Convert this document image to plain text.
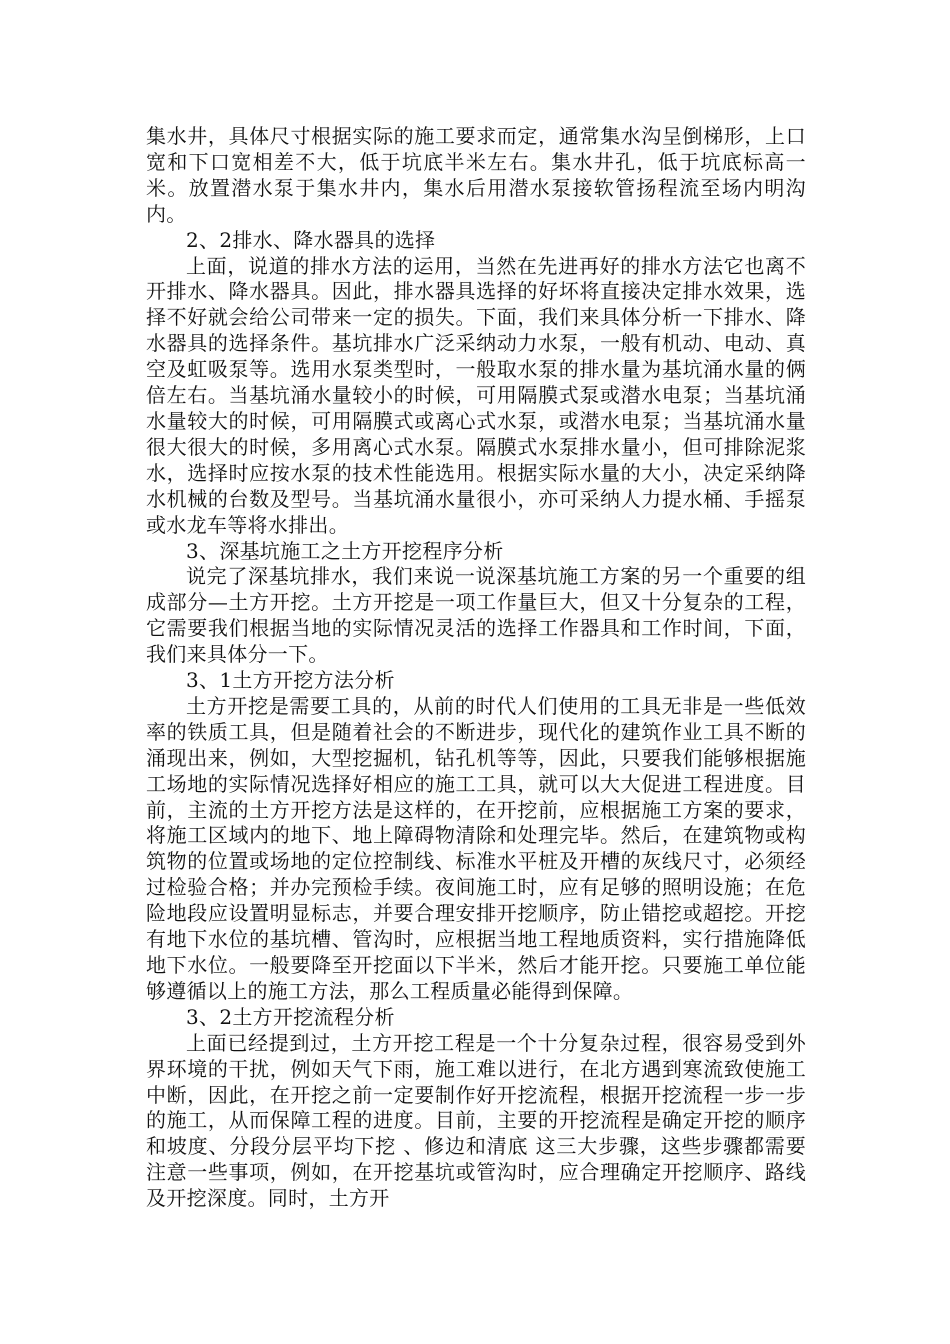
集水井，具体尺寸根据实际的施工要求而定，通常集水沟呈倒梯形，上口宽和下口宽相差不大，低于坑底半米左右。集水井孔，低于坑底标高一米。放置潜水泵于集水井内，集水后用潜水泵接软管扬程流至场内明沟内。

2、2排水、降水器具的选择

上面，说道的排水方法的运用，当然在先进再好的排水方法它也离不开排水、降水器具。因此，排水器具选择的好坏将直接决定排水效果，选择不好就会给公司带来一定的损失。下面，我们来具体分析一下排水、降水器具的选择条件。基坑排水广泛采纳动力水泵，一般有机动、电动、真空及虹吸泵等。选用水泵类型时，一般取水泵的排水量为基坑涌水量的俩倍左右。当基坑涌水量较小的时候，可用隔膜式泵或潜水电泵；当基坑涌水量较大的时候，可用隔膜式或离心式水泵，或潜水电泵；当基坑涌水量很大很大的时候，多用离心式水泵。隔膜式水泵排水量小，但可排除泥浆水，选择时应按水泵的技术性能选用。根据实际水量的大小，决定采纳降水机械的台数及型号。当基坑涌水量很小，亦可采纳人力提水桶、手摇泵或水龙车等将水排出。

3、深基坑施工之土方开挖程序分析

说完了深基坑排水，我们来说一说深基坑施工方案的另一个重要的组成部分—土方开挖。土方开挖是一项工作量巨大，但又十分复杂的工程，它需要我们根据当地的实际情况灵活的选择工作器具和工作时间，下面，我们来具体分一下。

3、1土方开挖方法分析

土方开挖是需要工具的，从前的时代人们使用的工具无非是一些低效率的铁质工具，但是随着社会的不断进步，现代化的建筑作业工具不断的涌现出来，例如，大型挖掘机，钻孔机等等，因此，只要我们能够根据施工场地的实际情况选择好相应的施工工具，就可以大大促进工程进度。目前，主流的土方开挖方法是这样的，在开挖前，应根据施工方案的要求，将施工区域内的地下、地上障碍物清除和处理完毕。然后，在建筑物或构筑物的位置或场地的定位控制线、标准水平桩及开槽的灰线尺寸，必须经过检验合格；并办完预检手续。夜间施工时，应有足够的照明设施；在危险地段应设置明显标志，并要合理安排开挖顺序，防止错挖或超挖。开挖有地下水位的基坑槽、管沟时，应根据当地工程地质资料，实行措施降低地下水位。一般要降至开挖面以下半米，然后才能开挖。只要施工单位能够遵循以上的施工方法，那么工程质量必能得到保障。

3、2土方开挖流程分析

上面已经提到过，土方开挖工程是一个十分复杂过程，很容易受到外界环境的干扰，例如天气下雨，施工难以进行，在北方遇到寒流致使施工中断，因此，在开挖之前一定要制作好开挖流程，根据开挖流程一步一步的施工，从而保障工程的进度。目前，主要的开挖流程是确定开挖的顺序和坡度、分段分层平均下挖 、修边和清底 这三大步骤，这些步骤都需要注意一些事项，例如，在开挖基坑或管沟时，应合理确定开挖顺序、路线及开挖深度。同时，土方开
